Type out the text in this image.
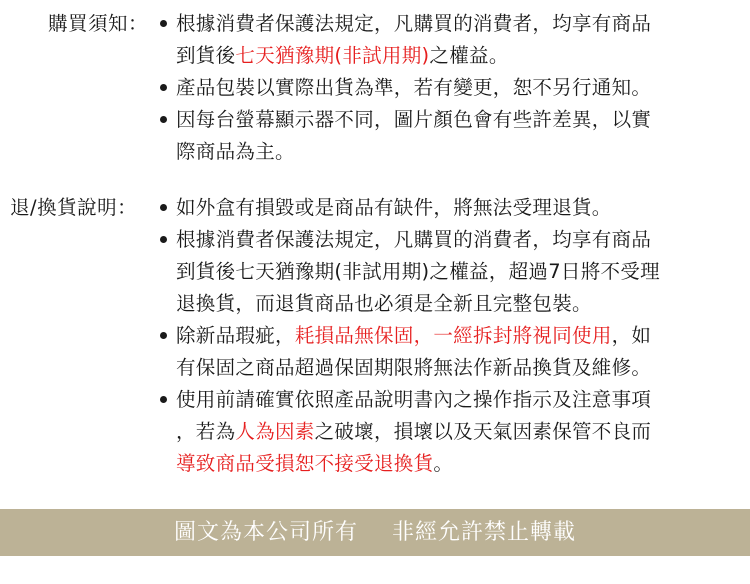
購買須知： 根據消費者保護法規定，凡購買的消費者，均享有商品
到貨後七天猶豫期(非試用期)之權益。
產品包裝以實際出貨為準，若有變更，恕不另行通知。
因每台螢幕顯示器不同，圖片顏色會有些許差異，以實
際商品為主。
退/換貨說明： 如外盒有損毀或是商品有缺件，將無法受理退貨。
根據消費者保護法規定，凡購買的消費者，均享有商品
到貨後七天猶豫期(非試用期)之權益，超過7日將不受理
退換貨，而退貨商品也必須是全新且完整包裝。
除新品瑕疵，耗損品無保固，一經拆封將視同使用，如
有保固之商品超過保固期限將無法作新品換貨及維修。
使用前請確實依照產品說明書內之操作指示及注意事項
，若為人為因素之破壞，損壞以及天氣因素保管不良而
導致商品受損恕不接受退換貨。
圖文為本公司所有 非經允許禁止轉載
